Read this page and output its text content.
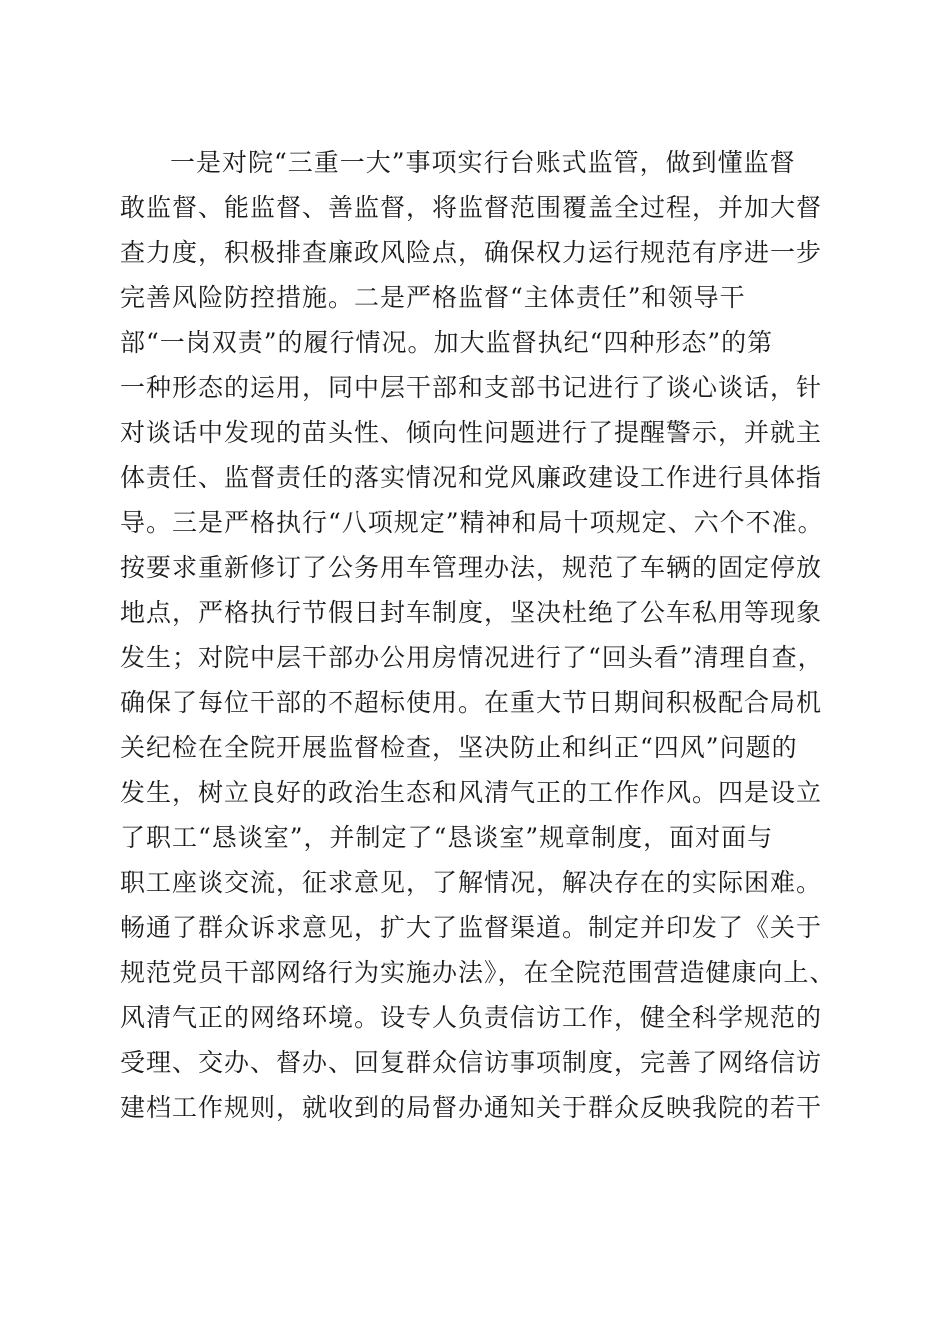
一是对院“三重一大”事项实行台账式监管，做到懂监督
敢监督、能监督、善监督，将监督范围覆盖全过程，并加大督
查力度，积极排查廉政风险点，确保权力运行规范有序进一步
完善风险防控措施。二是严格监督“主体责任”和领导干
部“一岗双责”的履行情况。加大监督执纪“四种形态”的第
一种形态的运用，同中层干部和支部书记进行了谈心谈话，针
对谈话中发现的苗头性、倾向性问题进行了提醒警示，并就主
体责任、监督责任的落实情况和党风廉政建设工作进行具体指
导。三是严格执行“八项规定”精神和局十项规定、六个不准。
按要求重新修订了公务用车管理办法，规范了车辆的固定停放
地点，严格执行节假日封车制度，坚决杜绝了公车私用等现象
发生；对院中层干部办公用房情况进行了“回头看”清理自查，
确保了每位干部的不超标使用。在重大节日期间积极配合局机
关纪检在全院开展监督检查，坚决防止和纠正“四风”问题的
发生，树立良好的政治生态和风清气正的工作作风。四是设立
了职工“恳谈室”，并制定了“恳谈室”规章制度，面对面与
职工座谈交流，征求意见，了解情况，解决存在的实际困难。
畅通了群众诉求意见，扩大了监督渠道。制定并印发了《关于
规范党员干部网络行为实施办法》，在全院范围营造健康向上、
风清气正的网络环境。设专人负责信访工作，健全科学规范的
受理、交办、督办、回复群众信访事项制度，完善了网络信访
建档工作规则，就收到的局督办通知关于群众反映我院的若干
